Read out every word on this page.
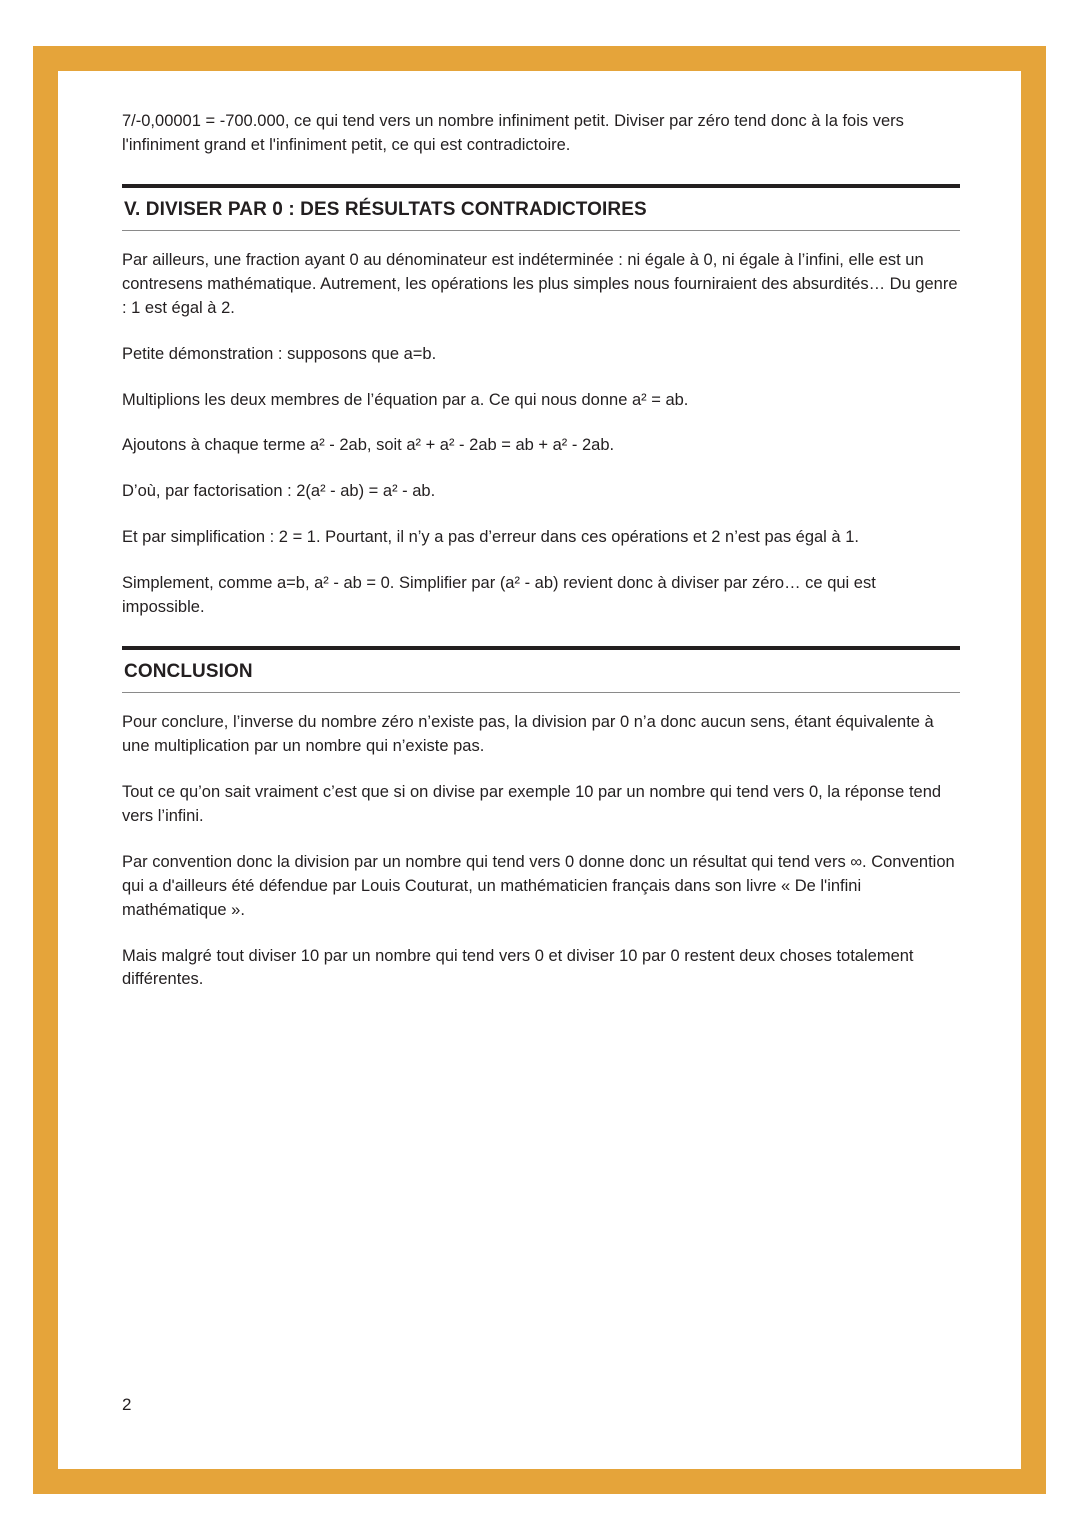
7/-0,00001 = -700.000, ce qui tend vers un nombre infiniment petit. Diviser par zéro tend donc à la fois vers l'infiniment grand et l'infiniment petit, ce qui est contradictoire.

V. DIVISER PAR 0 : DES RÉSULTATS CONTRADICTOIRES

Par ailleurs, une fraction ayant 0 au dénominateur est indéterminée : ni égale à 0, ni égale à l’infini, elle est un contresens mathématique. Autrement, les opérations les plus simples nous fourniraient des absurdités… Du genre : 1 est égal à 2.

Petite démonstration : supposons que a=b.

Multiplions les deux membres de l’équation par a. Ce qui nous donne a² = ab.

Ajoutons à chaque terme a² - 2ab, soit a² + a² - 2ab = ab + a² - 2ab.

D’où, par factorisation : 2(a² - ab) = a² - ab.

Et par simplification : 2 = 1. Pourtant, il n’y a pas d’erreur dans ces opérations et 2 n’est pas égal à 1.

Simplement, comme a=b, a² - ab = 0. Simplifier par (a² - ab) revient donc à diviser par zéro… ce qui est impossible.

CONCLUSION

Pour conclure, l’inverse du nombre zéro n’existe pas, la division par 0 n’a donc aucun sens, étant équivalente à une multiplication par un nombre qui n’existe pas.

Tout ce qu’on sait vraiment c’est que si on divise par exemple 10 par un nombre qui tend vers 0, la réponse tend vers l’infini.

Par convention donc la division par un nombre qui tend vers 0 donne donc un résultat qui tend vers ∞. Convention qui a d'ailleurs été défendue par Louis Couturat, un mathématicien français dans son livre « De l'infini mathématique ».

Mais malgré tout diviser 10 par un nombre qui tend vers 0 et diviser 10 par 0 restent deux choses totalement différentes.

2
